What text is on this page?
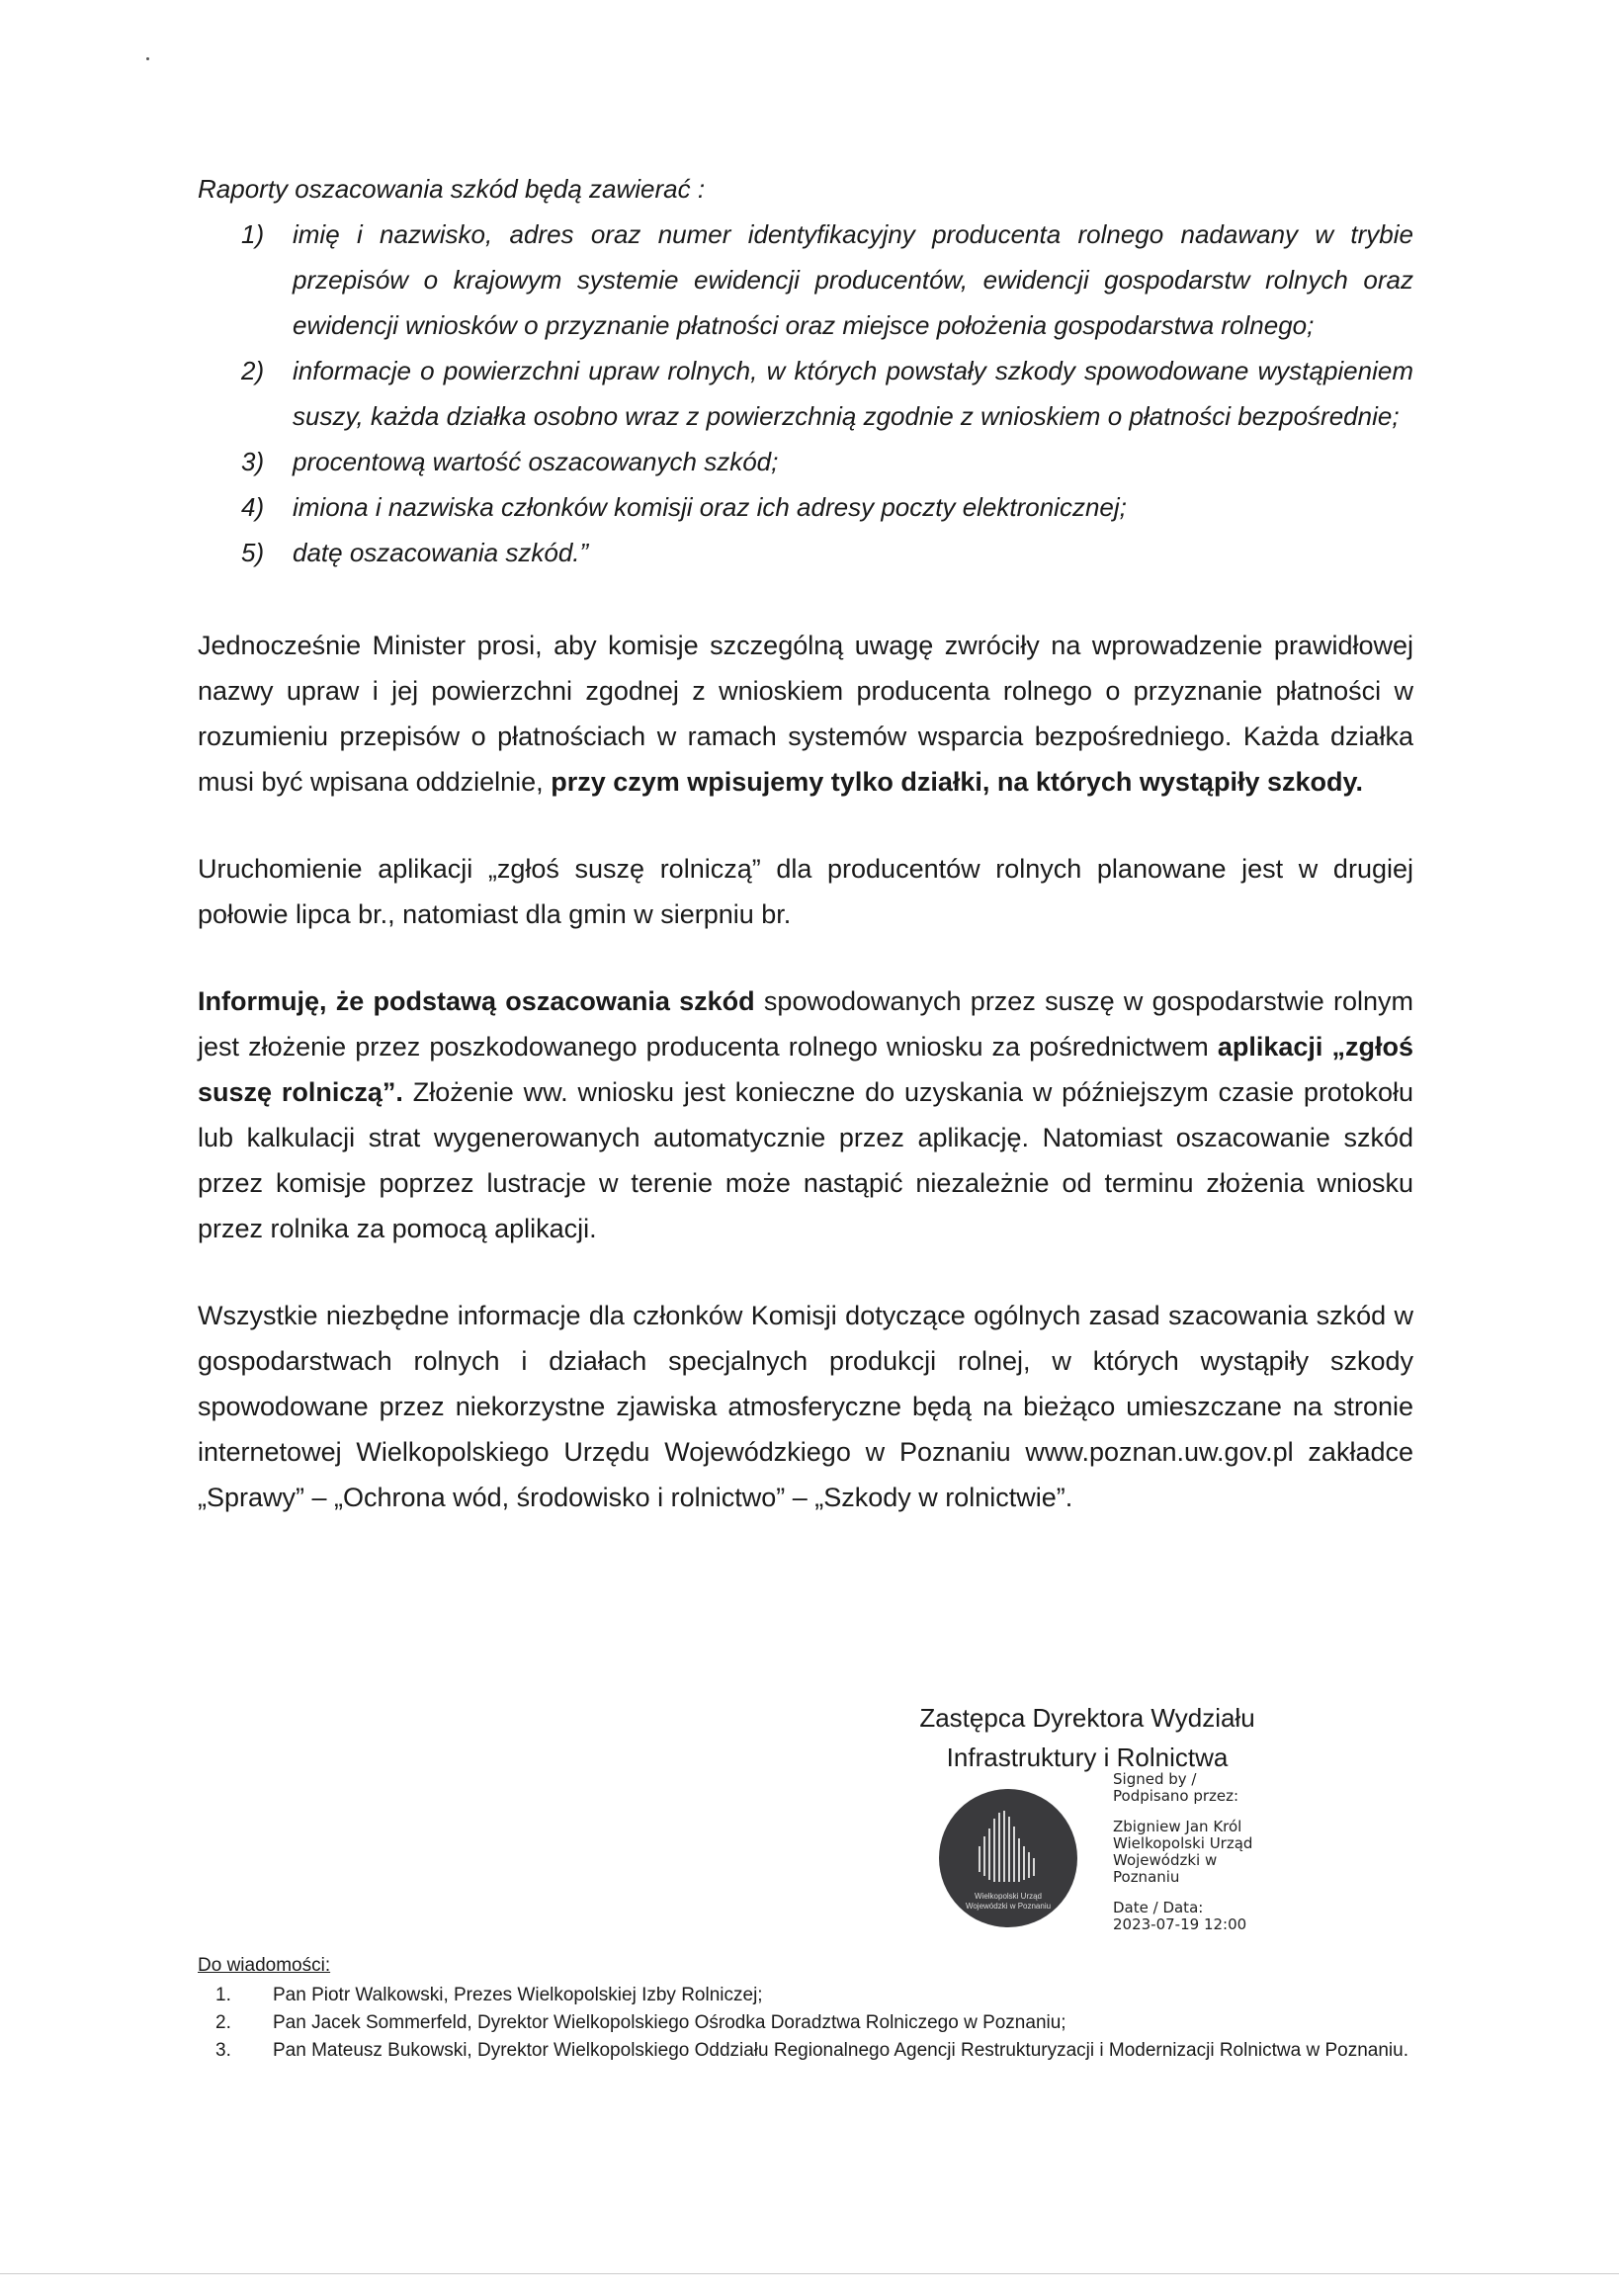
Raporty oszacowania szkód będą zawierać :
1)	imię i nazwisko, adres oraz numer identyfikacyjny producenta rolnego nadawany w trybie przepisów o krajowym systemie ewidencji producentów, ewidencji gospodarstw rolnych oraz ewidencji wniosków o przyznanie płatności oraz miejsce położenia gospodarstwa rolnego;
2)	informacje o powierzchni upraw rolnych, w których powstały szkody spowodowane wystąpieniem suszy, każda działka osobno wraz z powierzchnią zgodnie z wnioskiem o płatności bezpośrednie;
3)	procentową wartość oszacowanych szkód;
4)	imiona i nazwiska członków komisji oraz ich adresy poczty elektronicznej;
5)	datę oszacowania szkód.”

Jednocześnie Minister prosi, aby komisje szczególną uwagę zwróciły na wprowadzenie prawidłowej nazwy upraw i jej powierzchni zgodnej z wnioskiem producenta rolnego o przyznanie płatności w rozumieniu przepisów o płatnościach w ramach systemów wsparcia bezpośredniego. Każda działka musi być wpisana oddzielnie, przy czym wpisujemy tylko działki, na których wystąpiły szkody.

Uruchomienie aplikacji „zgłoś suszę rolniczą” dla producentów rolnych planowane jest w drugiej połowie lipca br., natomiast dla gmin w sierpniu br.

Informuję, że podstawą oszacowania szkód spowodowanych przez suszę w gospodarstwie rolnym jest złożenie przez poszkodowanego producenta rolnego wniosku za pośrednictwem aplikacji „zgłoś suszę rolniczą”. Złożenie ww. wniosku jest konieczne do uzyskania w późniejszym czasie protokołu lub kalkulacji strat wygenerowanych automatycznie przez aplikację. Natomiast oszacowanie szkód przez komisje poprzez lustracje w terenie może nastąpić niezależnie od terminu złożenia wniosku przez rolnika za pomocą aplikacji.

Wszystkie niezbędne informacje dla członków Komisji dotyczące ogólnych zasad szacowania szkód w gospodarstwach rolnych i działach specjalnych produkcji rolnej, w których wystąpiły szkody spowodowane przez niekorzystne zjawiska atmosferyczne będą na bieżąco umieszczane na stronie internetowej Wielkopolskiego Urzędu Wojewódzkiego w Poznaniu www.poznan.uw.gov.pl zakładce „Sprawy” – „Ochrona wód, środowisko i rolnictwo” – „Szkody w rolnictwie”.

Zastępca Dyrektora Wydziału
Infrastruktury i Rolnictwa
Wielkopolski Urząd
Wojewódzki w Poznaniu
Signed by /
Podpisano przez:
Zbigniew Jan Król
Wielkopolski Urząd
Wojewódzki w
Poznaniu
Date / Data:
2023-07-19 12:00
Do wiadomości:
1.	Pan Piotr Walkowski, Prezes Wielkopolskiej Izby Rolniczej;
2.	Pan Jacek Sommerfeld, Dyrektor Wielkopolskiego Ośrodka Doradztwa Rolniczego w Poznaniu;
3.	Pan Mateusz Bukowski, Dyrektor Wielkopolskiego Oddziału Regionalnego Agencji Restrukturyzacji i Modernizacji Rolnictwa w Poznaniu.
